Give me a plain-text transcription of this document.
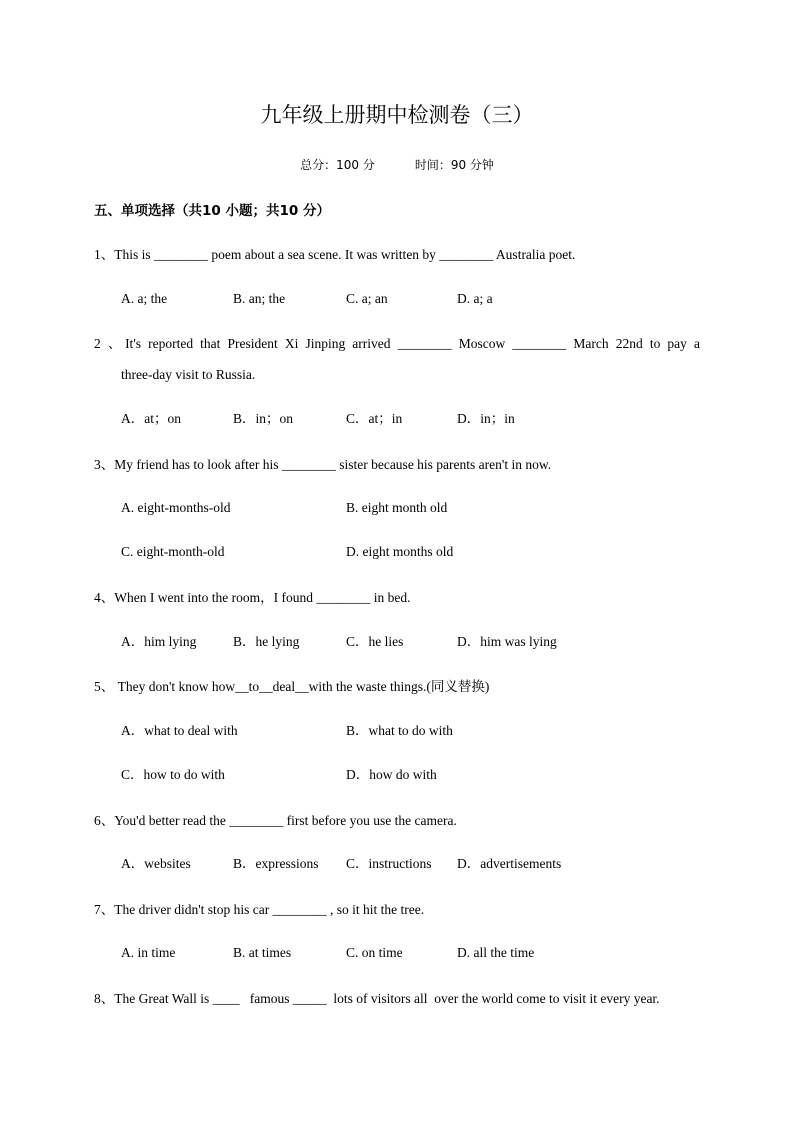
九年级上册期中检测卷（三）
总分：100 分	时间：90 分钟
五、单项选择（共10 小题；共10 分）
1、This is ________ poem about a sea scene. It was written by ________ Australia poet.
A. a; the	B. an; the	C. a; an	D. a; a
2 、It's reported that President Xi Jinping arrived ________ Moscow ________ March 22nd to pay a
three-day visit to Russia.
A．at；on	B．in；on	C．at；in	D．in；in
3、My friend has to look after his ________ sister because his parents aren't in now.
A. eight-months-old	B. eight month old
C. eight-month-old	D. eight months old
4、When I went into the room，I found ________ in bed.
A．him lying	B．he lying	C．he lies	D．him was lying
5、 They don't know how__to__deal__with the waste things.(同义替换)
A．what to deal with	B．what to do with
C．how to do with	D．how do with
6、You'd better read the ________ first before you use the camera.
A．websites	B．expressions C．instructions D．advertisements
7、The driver didn't stop his car ________ , so it hit the tree.
A. in time	B. at times	C. on time	D. all the time
8、The Great Wall is ____   famous _____  lots of visitors all  over the world come to visit it every year.
